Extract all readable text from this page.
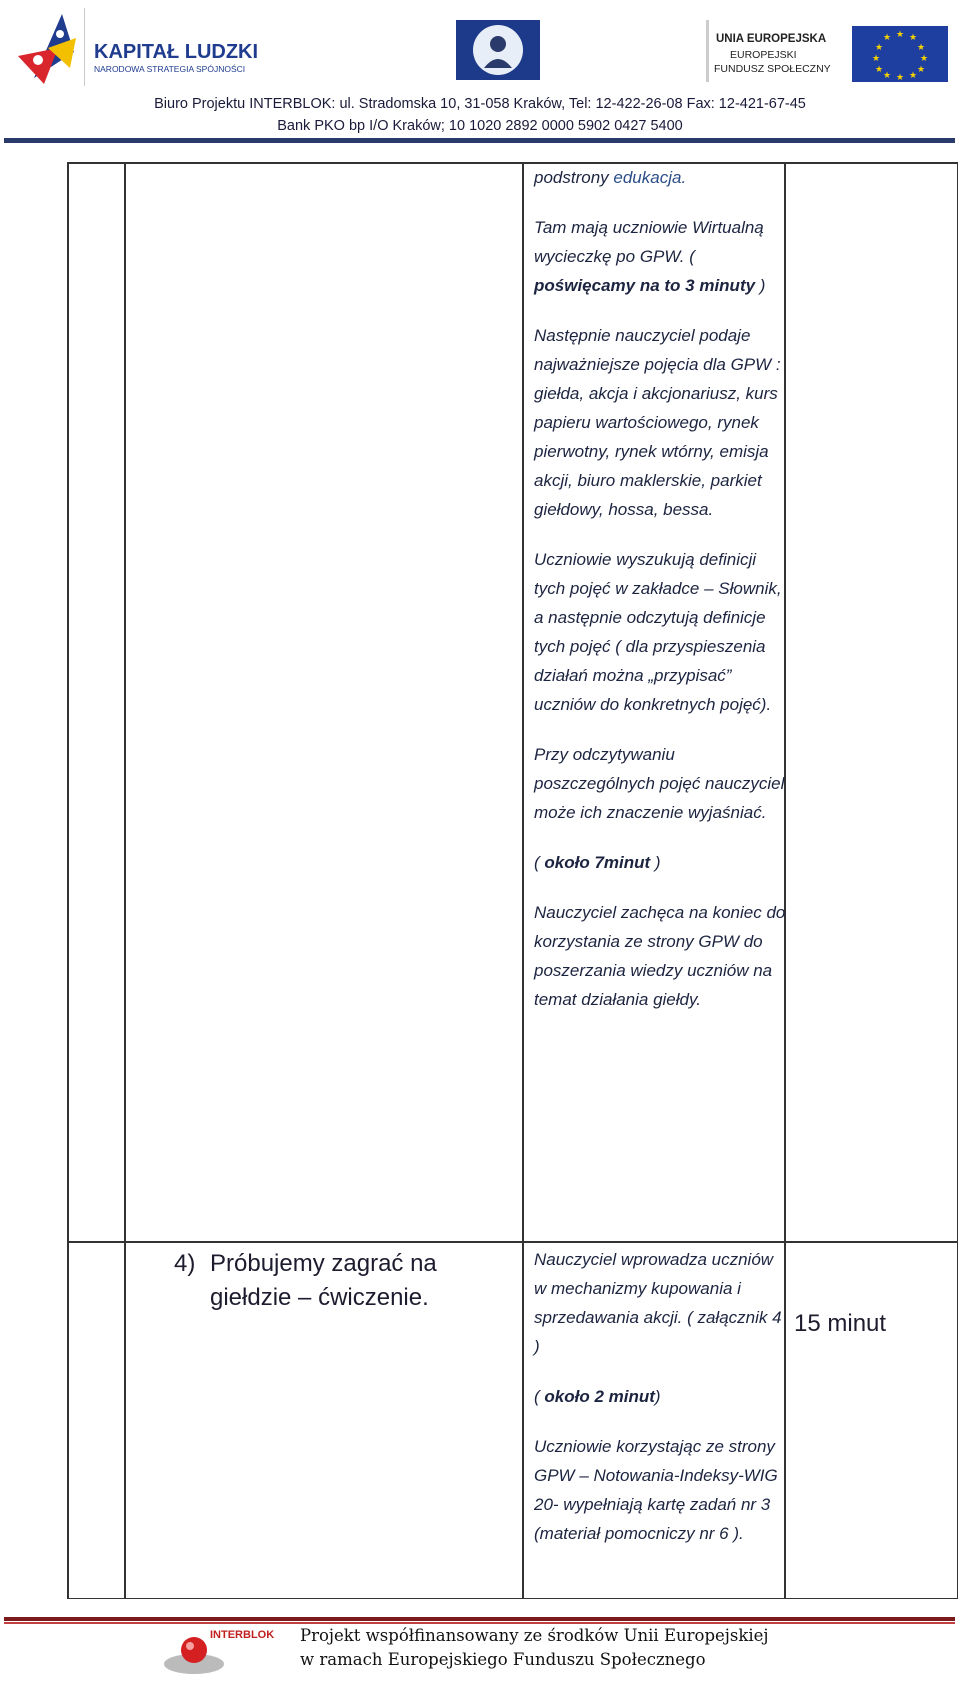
KAPITAŁ LUDZKI
NARODOWA STRATEGIA SPÓJNOŚCI
UNIA EUROPEJSKA
EUROPEJSKI
FUNDUSZ SPOŁECZNY
★ ★
★
★
★
★
★
★
★
★
★
★
Biuro Projektu INTERBLOK: ul. Stradomska 10, 31-058 Kraków, Tel: 12-422-26-08 Fax: 12-421-67-45
Bank PKO bp I/O Kraków; 10 1020 2892 0000 5902 0427 5400

podstrony edukacja.

Tam mają uczniowie Wirtualną wycieczkę po GPW. ( poświęcamy na to 3 minuty )

Następnie nauczyciel podaje najważniejsze pojęcia dla GPW : giełda, akcja i akcjonariusz, kurs papieru wartościowego, rynek pierwotny, rynek wtórny, emisja akcji, biuro maklerskie, parkiet giełdowy, hossa, bessa.

Uczniowie wyszukują definicji tych pojęć w zakładce – Słownik, a następnie odczytują definicje tych pojęć ( dla przyspieszenia działań można „przypisać” uczniów do konkretnych pojęć).

Przy odczytywaniu poszczególnych pojęć nauczyciel może ich znaczenie wyjaśniać.

( około 7minut )

Nauczyciel zachęca na koniec do korzystania ze strony GPW do poszerzania wiedzy uczniów na temat działania giełdy.

4) Próbujemy zagrać na
giełdzie – ćwiczenie.

Nauczyciel wprowadza uczniów w mechanizmy kupowania i sprzedawania akcji. ( załącznik 4 )

( około 2 minut)

Uczniowie korzystając ze strony GPW – Notowania-Indeksy-WIG 20- wypełniają kartę zadań nr 3 (materiał pomocniczy nr 6 ).

15 minut
INTERBLOK Projekt współfinansowany ze środków Unii Europejskiej
w ramach Europejskiego Funduszu Społecznego
